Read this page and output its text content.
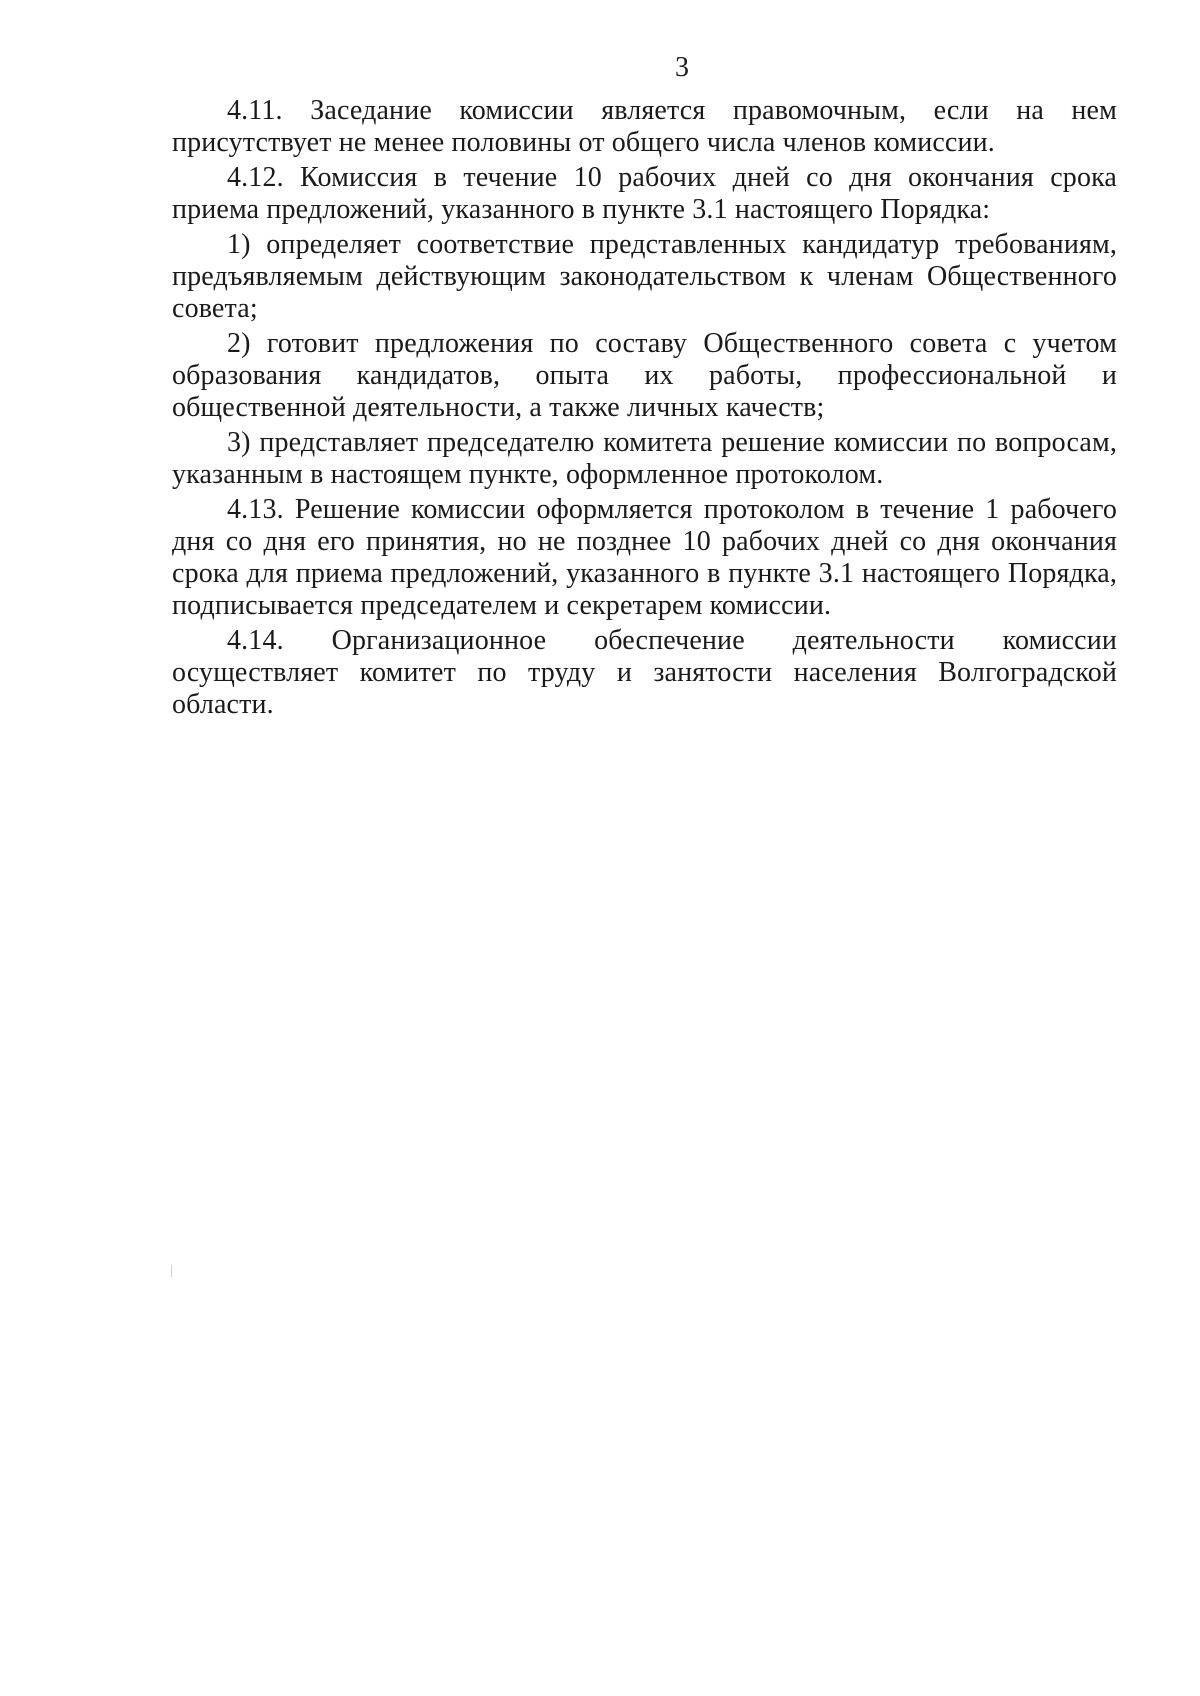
3

4.11. Заседание комиссии является правомочным, если на нем присутствует не менее половины от общего числа членов комиссии.

4.12. Комиссия в течение 10 рабочих дней со дня окончания срока приема предложений, указанного в пункте 3.1 настоящего Порядка:

1) определяет соответствие представленных кандидатур требованиям, предъявляемым действующим законодательством к членам Общественного совета;

2) готовит предложения по составу Общественного совета с учетом образования кандидатов, опыта их работы, профессиональной и общественной деятельности, а также личных качеств;

3) представляет председателю комитета решение комиссии по вопросам, указанным в настоящем пункте, оформленное протоколом.

4.13. Решение комиссии оформляется протоколом в течение 1 рабочего дня со дня его принятия, но не позднее 10 рабочих дней со дня окончания срока для приема предложений, указанного в пункте 3.1 настоящего Порядка, подписывается председателем и секретарем комиссии.

4.14. Организационное обеспечение деятельности комиссии осуществляет комитет по труду и занятости населения Волгоградской области.
